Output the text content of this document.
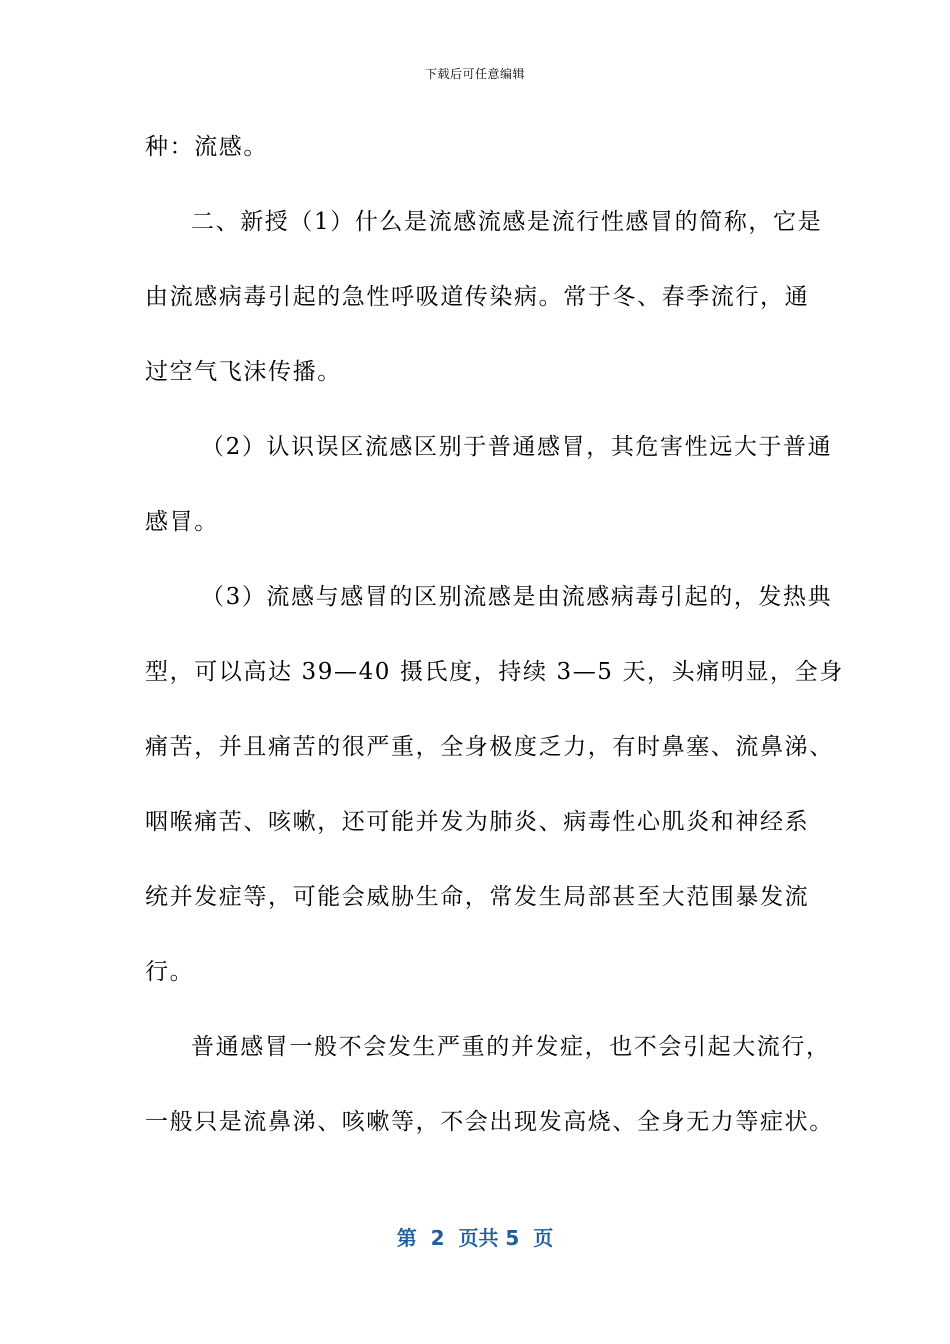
下载后可任意编辑
种：流感。
二、新授（1）什么是流感流感是流行性感冒的简称，它是
由流感病毒引起的急性呼吸道传染病。常于冬、春季流行，通
过空气飞沫传播。
（2）认识误区流感区别于普通感冒，其危害性远大于普通
感冒。
（3）流感与感冒的区别流感是由流感病毒引起的，发热典
型，可以高达 39—40 摄氏度，持续 3—5 天，头痛明显，全身
痛苦，并且痛苦的很严重，全身极度乏力，有时鼻塞、流鼻涕、
咽喉痛苦、咳嗽，还可能并发为肺炎、病毒性心肌炎和神经系
统并发症等，可能会威胁生命，常发生局部甚至大范围暴发流
行。
普通感冒一般不会发生严重的并发症，也不会引起大流行，
一般只是流鼻涕、咳嗽等，不会出现发高烧、全身无力等症状。
第  2  页共 5  页
